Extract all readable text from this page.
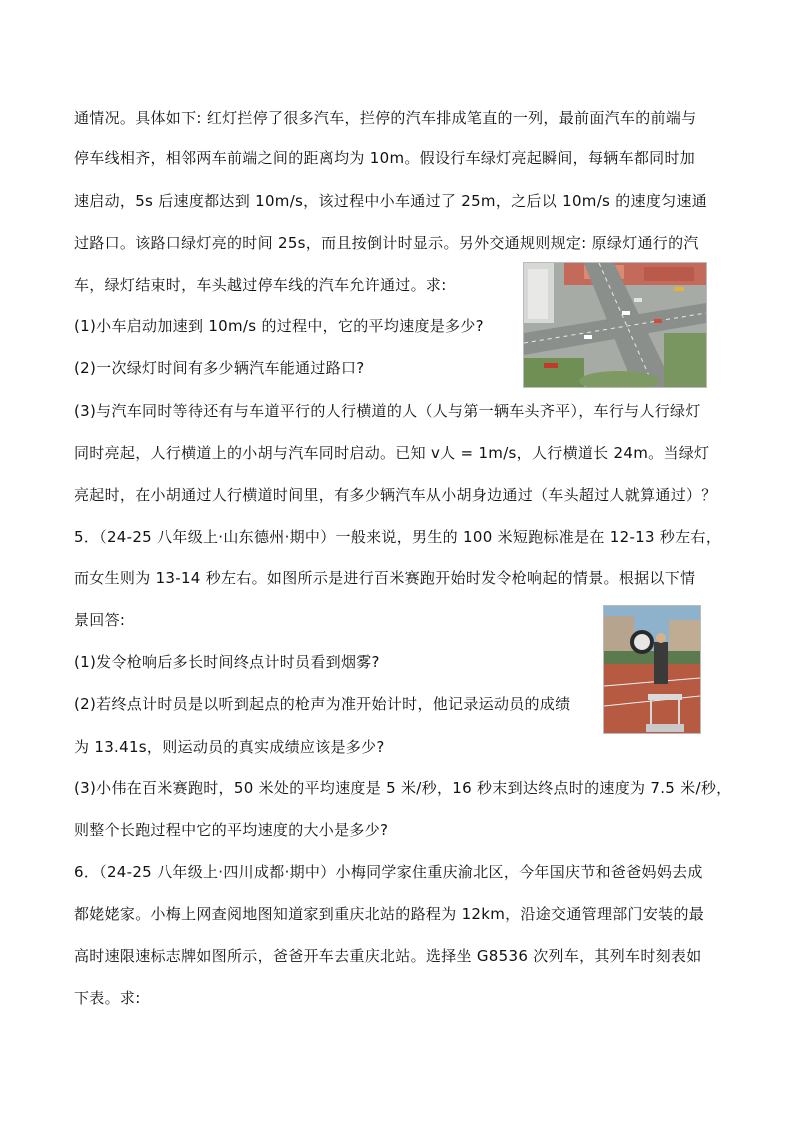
通情况。具体如下: 红灯拦停了很多汽车，拦停的汽车排成笔直的一列，最前面汽车的前端与
停车线相齐，相邻两车前端之间的距离均为 10m。假设行车绿灯亮起瞬间，每辆车都同时加
速启动，5s 后速度都达到 10m/s，该过程中小车通过了 25m，之后以 10m/s 的速度匀速通
过路口。该路口绿灯亮的时间 25s，而且按倒计时显示。另外交通规则规定: 原绿灯通行的汽
车，绿灯结束时，车头越过停车线的汽车允许通过。求:
(1)小车启动加速到 10m/s 的过程中，它的平均速度是多少?
(2)一次绿灯时间有多少辆汽车能通过路口?
(3)与汽车同时等待还有与车道平行的人行横道的人（人与第一辆车头齐平），车行与人行绿灯
同时亮起，人行横道上的小胡与汽车同时启动。已知 v人 = 1m/s，人行横道长 24m。当绿灯
亮起时，在小胡通过人行横道时间里，有多少辆汽车从小胡身边通过（车头超过人就算通过）？
5．（24-25 八年级上·山东德州·期中）一般来说，男生的 100 米短跑标准是在 12-13 秒左右，
而女生则为 13-14 秒左右。如图所示是进行百米赛跑开始时发令枪响起的情景。根据以下情
景回答:
(1)发令枪响后多长时间终点计时员看到烟雾?
(2)若终点计时员是以听到起点的枪声为准开始计时，他记录运动员的成绩
为 13.41s，则运动员的真实成绩应该是多少?
(3)小伟在百米赛跑时，50 米处的平均速度是 5 米/秒，16 秒末到达终点时的速度为 7.5 米/秒，
则整个长跑过程中它的平均速度的大小是多少?
6．（24-25 八年级上·四川成都·期中）小梅同学家住重庆渝北区，今年国庆节和爸爸妈妈去成
都姥姥家。小梅上网查阅地图知道家到重庆北站的路程为 12km，沿途交通管理部门安装的最
高时速限速标志牌如图所示，爸爸开车去重庆北站。选择坐 G8536 次列车，其列车时刻表如
下表。求:
